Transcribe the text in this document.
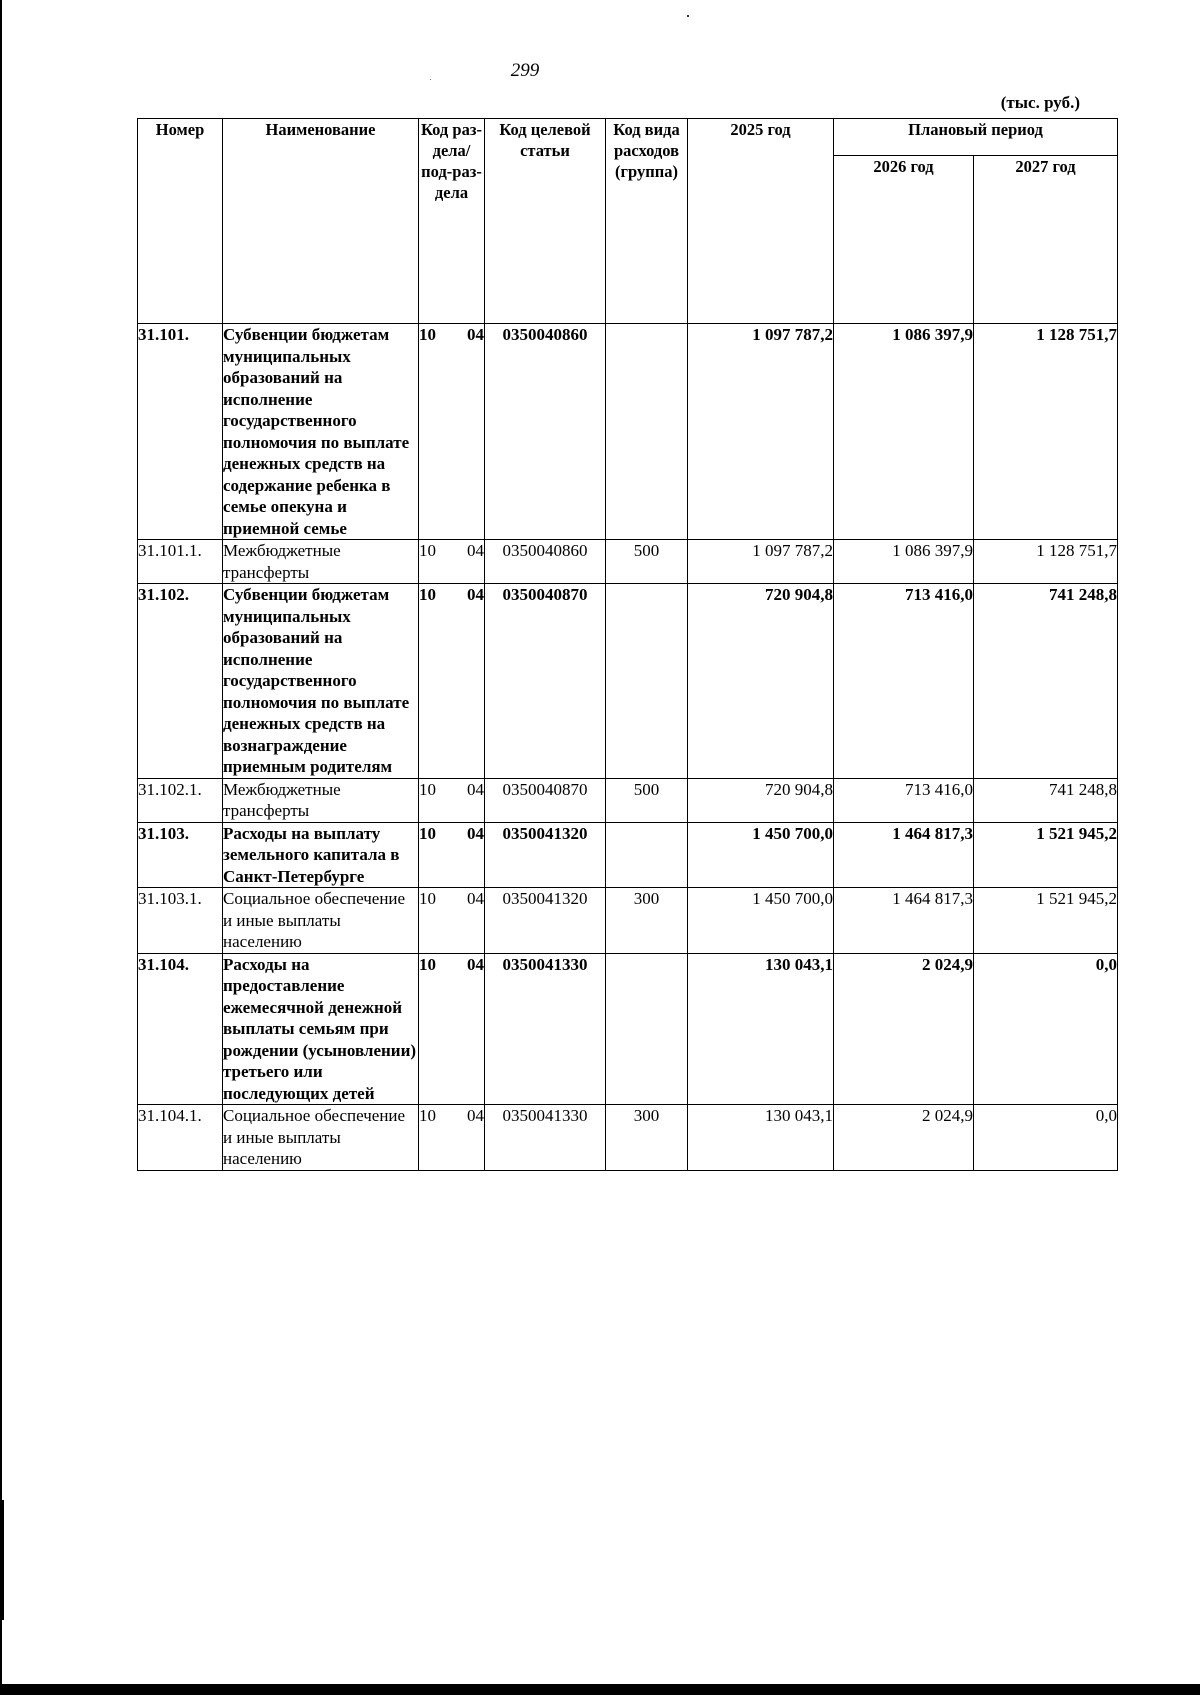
299
(тыс. руб.)
Номер	Наименование	Код раз-дела/ под-раз-дела	Код целевой статьи	Код вида расходов (группа)	2025 год	Плановый период	
						2026 год	2027 год
31.101.	Субвенции бюджетам муниципальных образований на исполнение государственного полномочия по выплате денежных средств на содержание ребенка в семье опекуна и приемной семье	10 04	0350040860		1 097 787,2	1 086 397,9	1 128 751,7
31.101.1.	Межбюджетные трансферты	10 04	0350040860	500	1 097 787,2	1 086 397,9	1 128 751,7
31.102.	Субвенции бюджетам муниципальных образований на исполнение государственного полномочия по выплате денежных средств на вознаграждение приемным родителям	10 04	0350040870		720 904,8	713 416,0	741 248,8
31.102.1.	Межбюджетные трансферты	10 04	0350040870	500	720 904,8	713 416,0	741 248,8
31.103.	Расходы на выплату земельного капитала в Санкт-Петербурге	10 04	0350041320		1 450 700,0	1 464 817,3	1 521 945,2
31.103.1.	Социальное обеспечение и иные выплаты населению	10 04	0350041320	300	1 450 700,0	1 464 817,3	1 521 945,2
31.104.	Расходы на предоставление ежемесячной денежной выплаты семьям при рождении (усыновлении) третьего или последующих детей	10 04	0350041330		130 043,1	2 024,9	0,0
31.104.1.	Социальное обеспечение и иные выплаты населению	10 04	0350041330	300	130 043,1	2 024,9	0,0
